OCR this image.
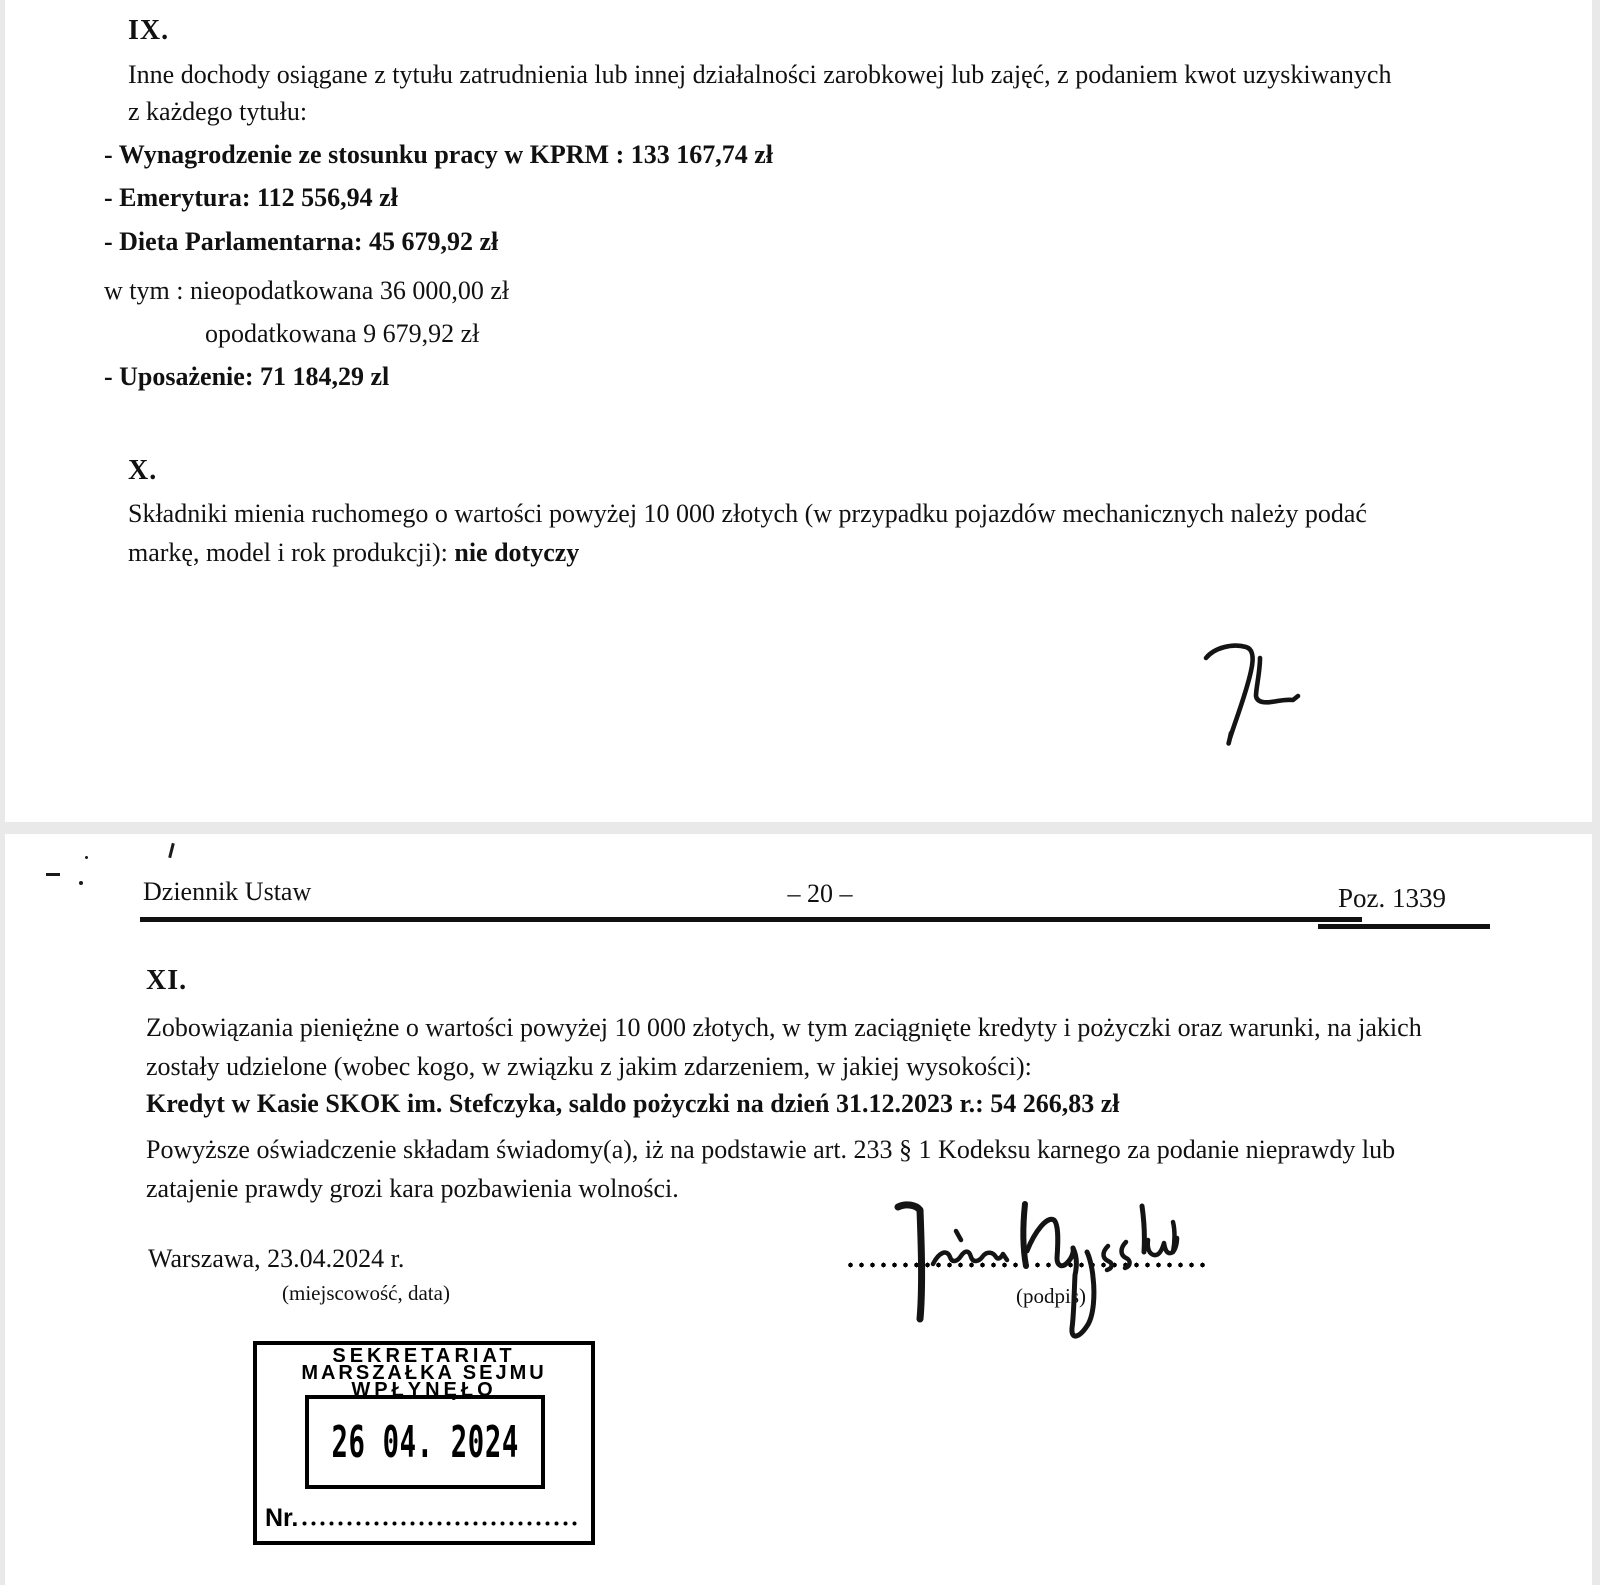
IX.
Inne dochody osiągane z tytułu zatrudnienia lub innej działalności zarobkowej lub zajęć, z podaniem kwot uzyskiwanych
z każdego tytułu:
- Wynagrodzenie ze stosunku pracy w KPRM : 133 167,74 zł
- Emerytura: 112 556,94 zł
- Dieta Parlamentarna: 45 679,92 zł
w tym : nieopodatkowana 36 000,00 zł
opodatkowana 9 679,92 zł
- Uposażenie: 71 184,29 zl
X.
Składniki mienia ruchomego o wartości powyżej 10 000 złotych (w przypadku pojazdów mechanicznych należy podać
markę, model i rok produkcji): nie dotyczy
Dziennik Ustaw	– 20 –	Poz. 1339
XI.
Zobowiązania pieniężne o wartości powyżej 10 000 złotych, w tym zaciągnięte kredyty i pożyczki oraz warunki, na jakich
zostały udzielone (wobec kogo, w związku z jakim zdarzeniem, w jakiej wysokości):
Kredyt w Kasie SKOK im. Stefczyka, saldo pożyczki na dzień 31.12.2023 r.: 54 266,83 zł
Powyższe oświadczenie składam świadomy(a), iż na podstawie art. 233 § 1 Kodeksu karnego za podanie nieprawdy lub
zatajenie prawdy grozi kara pozbawienia wolności.
Warszawa, 23.04.2024 r.
(miejscowość, data)	(podpis)
SEKRETARIAT
MARSZAŁKA SEJMU
WPŁYNĘŁO
26 04. 2024
Nr.
